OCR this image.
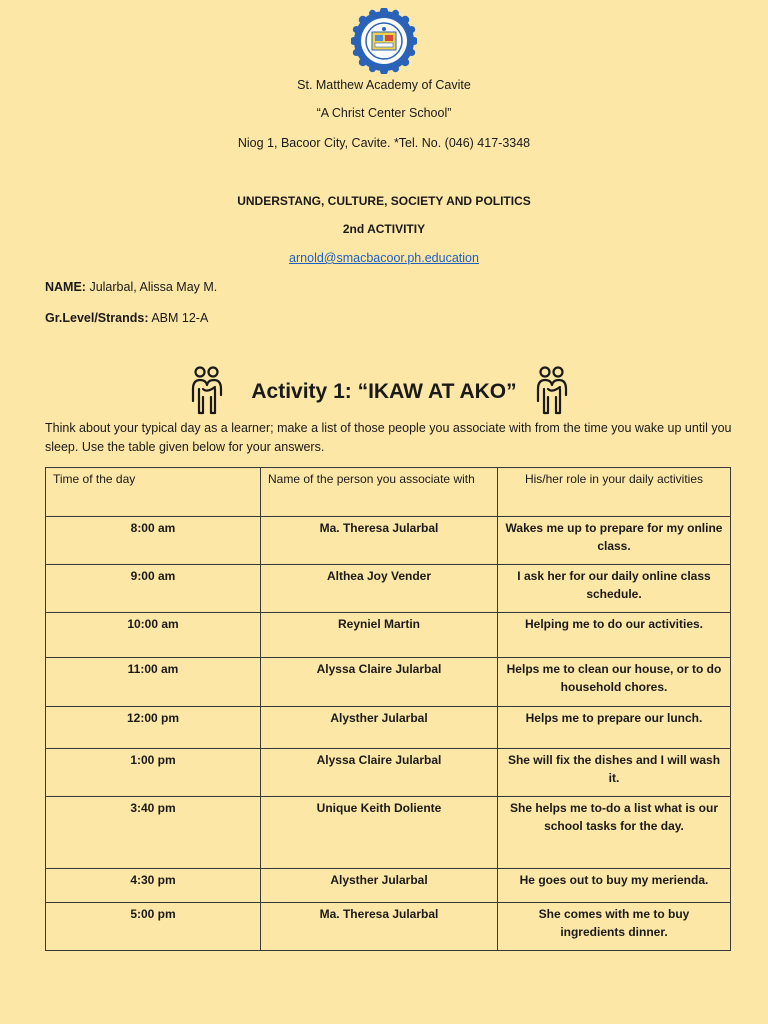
St. Matthew Academy of Cavite
“A Christ Center School”
Niog 1, Bacoor City, Cavite. *Tel. No. (046) 417-3348
UNDERSTANG, CULTURE, SOCIETY AND POLITICS
2nd ACTIVITIY
arnold@smacbacoor.ph.education
NAME: Jularbal, Alissa May M.
Gr.Level/Strands: ABM 12-A
Activity 1: “IKAW AT AKO”
Think about your typical day as a learner; make a list of those people you associate with from the time you wake up until you sleep. Use the table given below for your answers.
Time of the day	Name of the person you associate with	His/her role in your daily activities
8:00 am	Ma. Theresa Jularbal	Wakes me up to prepare for my online class.
9:00 am	Althea Joy Vender	I ask her for our daily online class schedule.
10:00 am	Reyniel Martin	Helping me to do our activities.
11:00 am	Alyssa Claire Jularbal	Helps me to clean our house, or to do household chores.
12:00 pm	Alysther Jularbal	Helps me to prepare our lunch.
1:00 pm	Alyssa Claire Jularbal	She will fix the dishes and I will wash it.
3:40 pm	Unique Keith Doliente	She helps me to-do a list what is our school tasks for the day.
4:30 pm	Alysther Jularbal	He goes out to buy my merienda.
5:00 pm	Ma. Theresa Jularbal	She comes with me to buy ingredients dinner.
